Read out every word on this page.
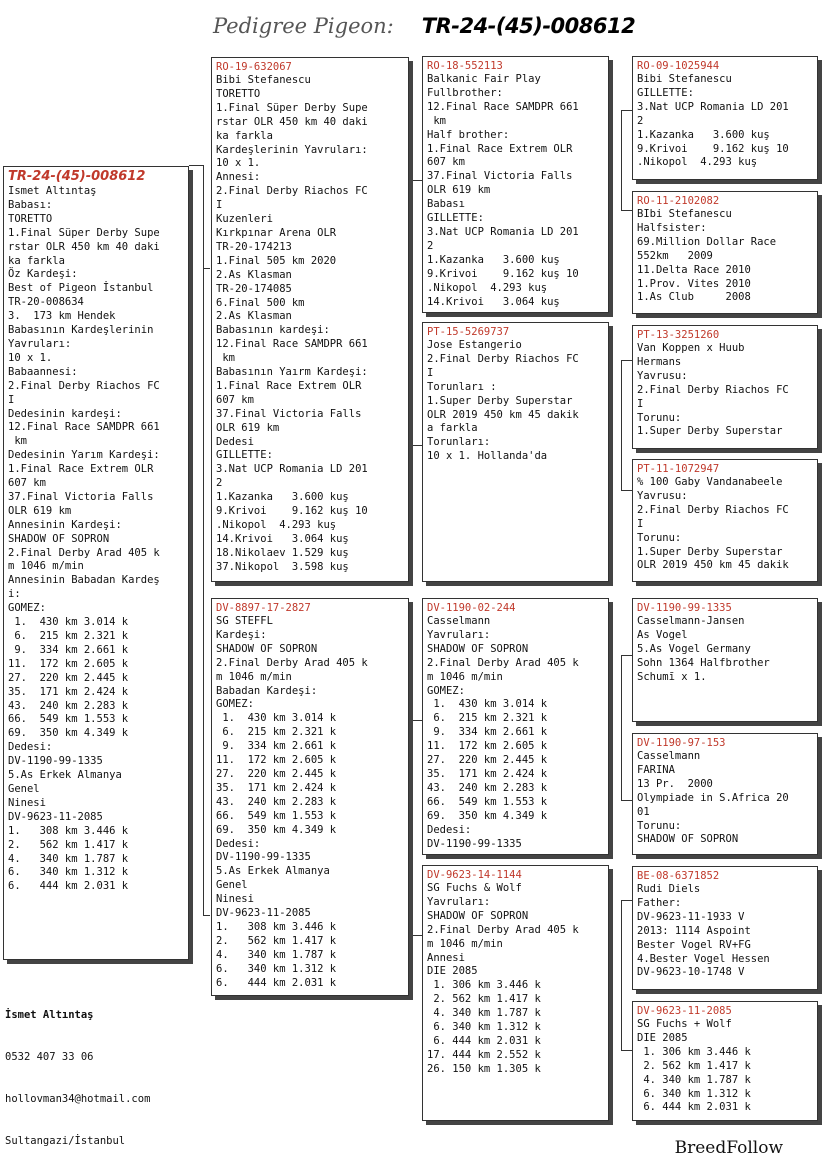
Pedigree Pigeon: TR-24-(45)-008612
TR-24-(45)-008612
Ismet Altıntaş
Babası:
TORETTO
1.Final Süper Derby Supe
rstar OLR 450 km 40 daki
ka farkla
Öz Kardeşi:
Best of Pigeon İstanbul
TR-20-008634
3.  173 km Hendek
Babasının Kardeşlerinin
Yavruları:
10 x 1.
Babaannesi:
2.Final Derby Riachos FC
I
Dedesinin kardeşi:
12.Final Race SAMDPR 661
km
Dedesinin Yarım Kardeşi:
1.Final Race Extrem OLR
607 km
37.Final Victoria Falls
OLR 619 km
Annesinin Kardeşi:
SHADOW OF SOPRON
2.Final Derby Arad 405 k
m 1046 m/min
Annesinin Babadan Kardeş
i:
GOMEZ:
1.  430 km 3.014 k
6.  215 km 2.321 k
9.  334 km 2.661 k
11.  172 km 2.605 k
27.  220 km 2.445 k
35.  171 km 2.424 k
43.  240 km 2.283 k
66.  549 km 1.553 k
69.  350 km 4.349 k
Dedesi:
DV-1190-99-1335
5.As Erkek Almanya
Genel
Ninesi
DV-9623-11-2085
1.   308 km 3.446 k
2.   562 km 1.417 k
4.   340 km 1.787 k
6.   340 km 1.312 k
6.   444 km 2.031 k
RO-19-632067
Bibi Stefanescu
TORETTO
1.Final Süper Derby Supe
rstar OLR 450 km 40 daki
ka farkla
Kardeşlerinin Yavruları:
10 x 1.
Annesi:
2.Final Derby Riachos FC
I
Kuzenleri
Kırkpınar Arena OLR
TR-20-174213
1.Final 505 km 2020
2.As Klasman
TR-20-174085
6.Final 500 km
2.As Klasman
Babasının kardeşi:
12.Final Race SAMDPR 661
km
Babasının Yaırm Kardeşi:
1.Final Race Extrem OLR
607 km
37.Final Victoria Falls
OLR 619 km
Dedesi
GILLETTE:
3.Nat UCP Romania LD 201
2
1.Kazanka   3.600 kuş
9.Krivoi    9.162 kuş 10
.Nikopol  4.293 kuş
14.Krivoi   3.064 kuş
18.Nikolaev 1.529 kuş
37.Nikopol  3.598 kuş
DV-8897-17-2827
SG STEFFL
Kardeşi:
SHADOW OF SOPRON
2.Final Derby Arad 405 k
m 1046 m/min
Babadan Kardeşi:
GOMEZ:
1.  430 km 3.014 k
6.  215 km 2.321 k
9.  334 km 2.661 k
11.  172 km 2.605 k
27.  220 km 2.445 k
35.  171 km 2.424 k
43.  240 km 2.283 k
66.  549 km 1.553 k
69.  350 km 4.349 k
Dedesi:
DV-1190-99-1335
5.As Erkek Almanya
Genel
Ninesi
DV-9623-11-2085
1.   308 km 3.446 k
2.   562 km 1.417 k
4.   340 km 1.787 k
6.   340 km 1.312 k
6.   444 km 2.031 k
RO-18-552113
Balkanic Fair Play
Fullbrother:
12.Final Race SAMDPR 661
km
Half brother:
1.Final Race Extrem OLR
607 km
37.Final Victoria Falls
OLR 619 km
Babası
GILLETTE:
3.Nat UCP Romania LD 201
2
1.Kazanka   3.600 kuş
9.Krivoi    9.162 kuş 10
.Nikopol  4.293 kuş
14.Krivoi   3.064 kuş
PT-15-5269737
Jose Estangerio
2.Final Derby Riachos FC
I
Torunları :
1.Super Derby Superstar
OLR 2019 450 km 45 dakik
a farkla
Torunları:
10 x 1. Hollanda'da
DV-1190-02-244
Casselmann
Yavruları:
SHADOW OF SOPRON
2.Final Derby Arad 405 k
m 1046 m/min
GOMEZ:
1.  430 km 3.014 k
6.  215 km 2.321 k
9.  334 km 2.661 k
11.  172 km 2.605 k
27.  220 km 2.445 k
35.  171 km 2.424 k
43.  240 km 2.283 k
66.  549 km 1.553 k
69.  350 km 4.349 k
Dedesi:
DV-1190-99-1335
DV-9623-14-1144
SG Fuchs & Wolf
Yavruları:
SHADOW OF SOPRON
2.Final Derby Arad 405 k
m 1046 m/min
Annesi
DIE 2085
1. 306 km 3.446 k
2. 562 km 1.417 k
4. 340 km 1.787 k
6. 340 km 1.312 k
6. 444 km 2.031 k
17. 444 km 2.552 k
26. 150 km 1.305 k
RO-09-1025944
Bibi Stefanescu
GILLETTE:
3.Nat UCP Romania LD 201
2
1.Kazanka   3.600 kuş
9.Krivoi    9.162 kuş 10
.Nikopol  4.293 kuş
RO-11-2102082
BIbi Stefanescu
Halfsister:
69.Million Dollar Race
552km   2009
11.Delta Race 2010
1.Prov. Vites 2010
1.As Club     2008
PT-13-3251260
Van Koppen x Huub
Hermans
Yavrusu:
2.Final Derby Riachos FC
I
Torunu:
1.Super Derby Superstar
PT-11-1072947
% 100 Gaby Vandanabeele
Yavrusu:
2.Final Derby Riachos FC
I
Torunu:
1.Super Derby Superstar
OLR 2019 450 km 45 dakik
DV-1190-99-1335
Casselmann-Jansen
As Vogel
5.As Vogel Germany
Sohn 1364 Halfbrother
Schumī x 1.
DV-1190-97-153
Casselmann
FARINA
13 Pr.  2000
Olympiade in S.Africa 20
01
Torunu:
SHADOW OF SOPRON
BE-08-6371852
Rudi Diels
Father:
DV-9623-11-1933 V
2013: 1114 Aspoint
Bester Vogel RV+FG
4.Bester Vogel Hessen
DV-9623-10-1748 V
DV-9623-11-2085
SG Fuchs + Wolf
DIE 2085
1. 306 km 3.446 k
2. 562 km 1.417 k
4. 340 km 1.787 k
6. 340 km 1.312 k
6. 444 km 2.031 k

İsmet Altıntaş

0532 407 33 06

hollovman34@hotmail.com

Sultangazi/İstanbul	BreedFollow
